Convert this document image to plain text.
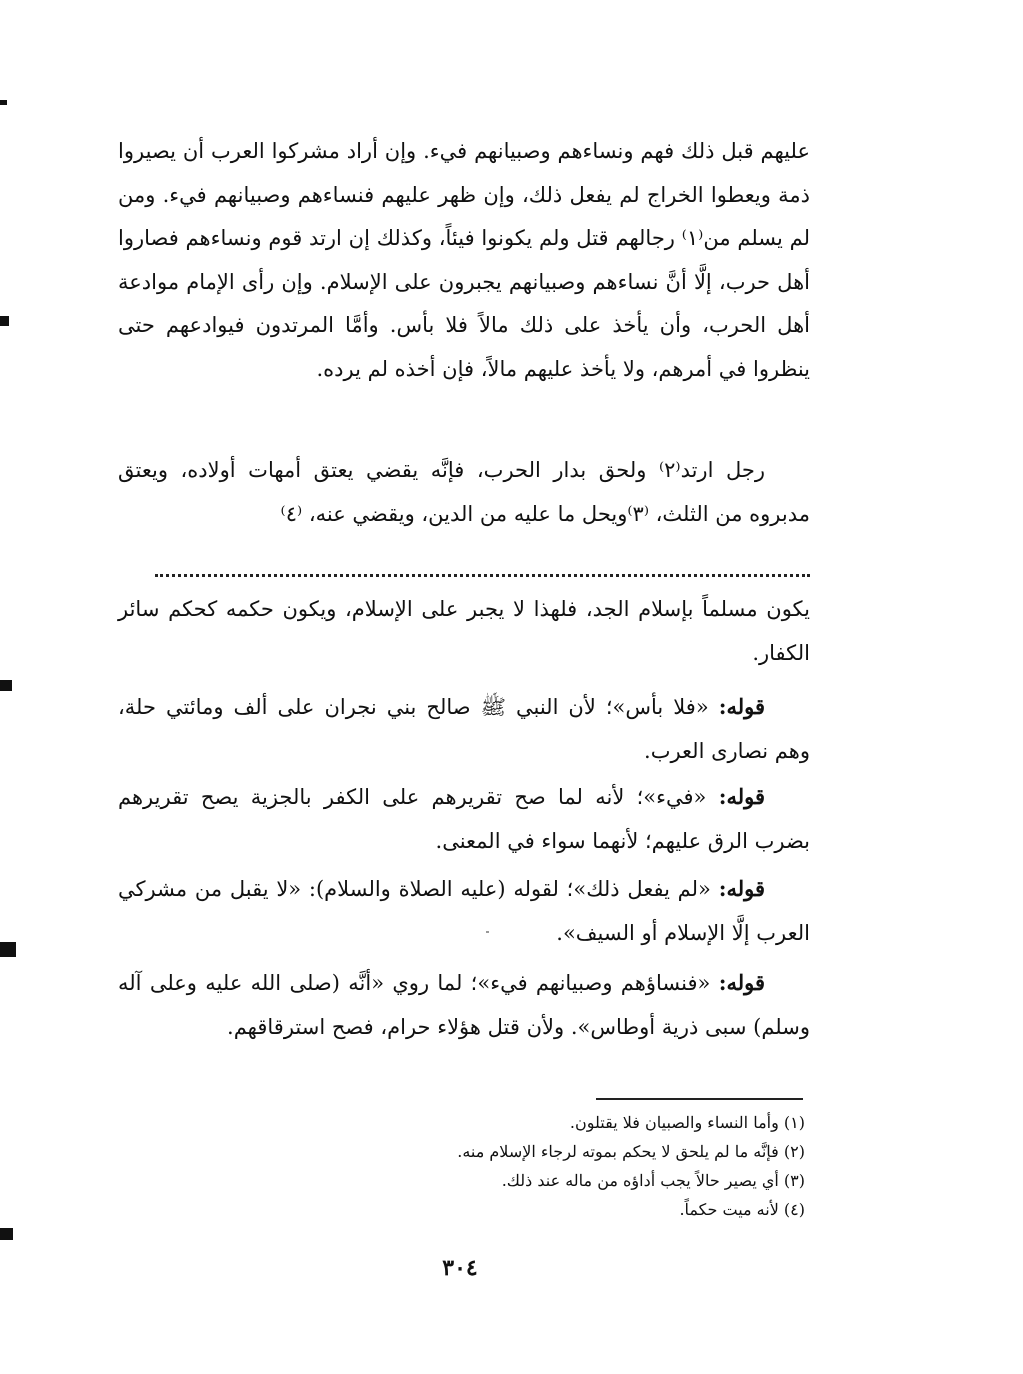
عليهم قبل ذلك فهم ونساءهم وصبيانهم فيء. وإن أراد مشركوا العرب أن يصيروا ذمة ويعطوا الخراج لم يفعل ذلك، وإن ظهر عليهم فنساءهم وصبيانهم فيء. ومن لم يسلم من⁽١⁾ رجالهم قتل ولم يكونوا فيئاً، وكذلك إن ارتد قوم ونساءهم فصاروا أهل حرب، إلَّا أنَّ نساءهم وصبيانهم يجبرون على الإسلام. وإن رأى الإمام موادعة أهل الحرب، وأن يأخذ على ذلك مالاً فلا بأس. وأمَّا المرتدون فيوادعهم حتى ينظروا في أمرهم، ولا يأخذ عليهم مالاً، فإن أخذه لم يرده.

رجل ارتد⁽٢⁾ ولحق بدار الحرب، فإنَّه يقضي يعتق أمهات أولاده، ويعتق مدبروه من الثلث، ⁽٣⁾ويحل ما عليه من الدين، ويقضي عنه، ⁽٤⁾

يكون مسلماً بإسلام الجد، فلهذا لا يجبر على الإسلام، ويكون حكمه كحكم سائر الكفار.

قوله: «فلا بأس»؛ لأن النبي ﷺ صالح بني نجران على ألف ومائتي حلة، وهم نصارى العرب.

قوله: «فيء»؛ لأنه لما صح تقريرهم على الكفر بالجزية يصح تقريرهم بضرب الرق عليهم؛ لأنهما سواء في المعنى.

قوله: «لم يفعل ذلك»؛ لقوله (عليه الصلاة والسلام): «لا يقبل من مشركي العرب إلَّا الإسلام أو السيف».

قوله: «فنساؤهم وصبيانهم فيء»؛ لما روي «أنَّه (صلى الله عليه وعلى آله وسلم) سبى ذرية أوطاس». ولأن قتل هؤلاء حرام، فصح استرقاقهم.

(١) وأما النساء والصبيان فلا يقتلون.
(٢) فإنَّه ما لم يلحق لا يحكم بموته لرجاء الإسلام منه.
(٣) أي يصير حالاً يجب أداؤه من ماله عند ذلك.
(٤) لأنه ميت حكماً.
٣٠٤
